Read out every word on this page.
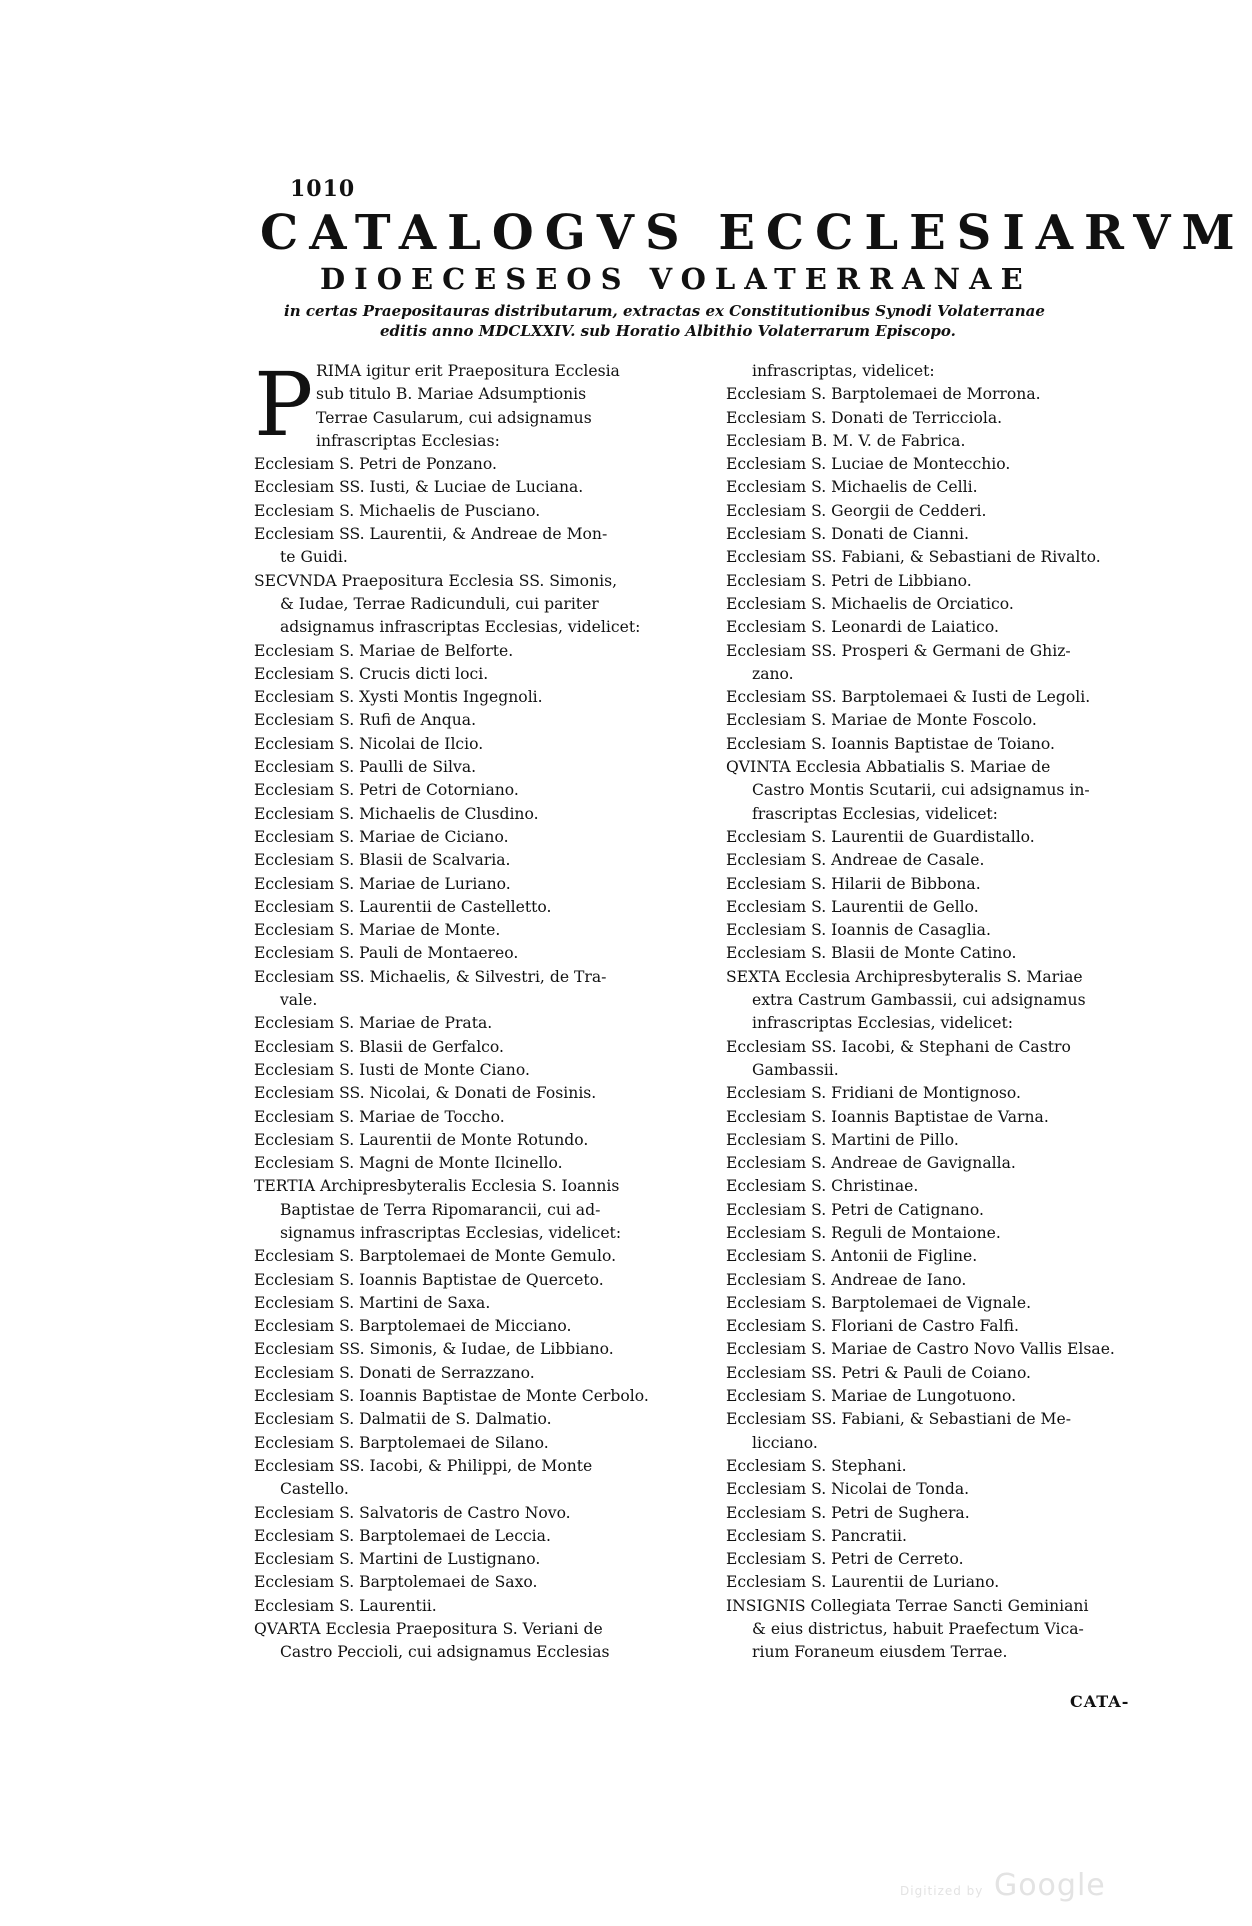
1010
CATALOGVS ECCLESIARVM
DIOECESEOS VOLATERRANAE
in certas Praepositauras distributarum, extractas ex Constitutionibus Synodi Volaterranae
editis anno MDCLXXIV. sub Horatio Albithio Volaterrarum Episcopo.
P RIMA igitur erit Praepositura Ecclesia
sub titulo B. Mariae Adsumptionis
Terrae Casularum, cui adsignamus
infrascriptas Ecclesias:
Ecclesiam S. Petri de Ponzano.
Ecclesiam SS. Iusti, & Luciae de Luciana.
Ecclesiam S. Michaelis de Pusciano.
Ecclesiam SS. Laurentii, & Andreae de Mon-
te Guidi.
SECVNDA Praepositura Ecclesia SS. Simonis,
& Iudae, Terrae Radicunduli, cui pariter
adsignamus infrascriptas Ecclesias, videlicet:
Ecclesiam S. Mariae de Belforte.
Ecclesiam S. Crucis dicti loci.
Ecclesiam S. Xysti Montis Ingegnoli.
Ecclesiam S. Rufi de Anqua.
Ecclesiam S. Nicolai de Ilcio.
Ecclesiam S. Paulli de Silva.
Ecclesiam S. Petri de Cotorniano.
Ecclesiam S. Michaelis de Clusdino.
Ecclesiam S. Mariae de Ciciano.
Ecclesiam S. Blasii de Scalvaria.
Ecclesiam S. Mariae de Luriano.
Ecclesiam S. Laurentii de Castelletto.
Ecclesiam S. Mariae de Monte.
Ecclesiam S. Pauli de Montaereo.
Ecclesiam SS. Michaelis, & Silvestri, de Tra-
vale.
Ecclesiam S. Mariae de Prata.
Ecclesiam S. Blasii de Gerfalco.
Ecclesiam S. Iusti de Monte Ciano.
Ecclesiam SS. Nicolai, & Donati de Fosinis.
Ecclesiam S. Mariae de Toccho.
Ecclesiam S. Laurentii de Monte Rotundo.
Ecclesiam S. Magni de Monte Ilcinello.
TERTIA Archipresbyteralis Ecclesia S. Ioannis
Baptistae de Terra Ripomarancii, cui ad-
signamus infrascriptas Ecclesias, videlicet:
Ecclesiam S. Barptolemaei de Monte Gemulo.
Ecclesiam S. Ioannis Baptistae de Querceto.
Ecclesiam S. Martini de Saxa.
Ecclesiam S. Barptolemaei de Micciano.
Ecclesiam SS. Simonis, & Iudae, de Libbiano.
Ecclesiam S. Donati de Serrazzano.
Ecclesiam S. Ioannis Baptistae de Monte Cerbolo.
Ecclesiam S. Dalmatii de S. Dalmatio.
Ecclesiam S. Barptolemaei de Silano.
Ecclesiam SS. Iacobi, & Philippi, de Monte
Castello.
Ecclesiam S. Salvatoris de Castro Novo.
Ecclesiam S. Barptolemaei de Leccia.
Ecclesiam S. Martini de Lustignano.
Ecclesiam S. Barptolemaei de Saxo.
Ecclesiam S. Laurentii.
QVARTA Ecclesia Praepositura S. Veriani de
Castro Peccioli, cui adsignamus Ecclesias
infrascriptas, videlicet:
Ecclesiam S. Barptolemaei de Morrona.
Ecclesiam S. Donati de Terricciola.
Ecclesiam B. M. V. de Fabrica.
Ecclesiam S. Luciae de Montecchio.
Ecclesiam S. Michaelis de Celli.
Ecclesiam S. Georgii de Cedderi.
Ecclesiam S. Donati de Cianni.
Ecclesiam SS. Fabiani, & Sebastiani de Rivalto.
Ecclesiam S. Petri de Libbiano.
Ecclesiam S. Michaelis de Orciatico.
Ecclesiam S. Leonardi de Laiatico.
Ecclesiam SS. Prosperi & Germani de Ghiz-
zano.
Ecclesiam SS. Barptolemaei & Iusti de Legoli.
Ecclesiam S. Mariae de Monte Foscolo.
Ecclesiam S. Ioannis Baptistae de Toiano.
QVINTA Ecclesia Abbatialis S. Mariae de
Castro Montis Scutarii, cui adsignamus in-
frascriptas Ecclesias, videlicet:
Ecclesiam S. Laurentii de Guardistallo.
Ecclesiam S. Andreae de Casale.
Ecclesiam S. Hilarii de Bibbona.
Ecclesiam S. Laurentii de Gello.
Ecclesiam S. Ioannis de Casaglia.
Ecclesiam S. Blasii de Monte Catino.
SEXTA Ecclesia Archipresbyteralis S. Mariae
extra Castrum Gambassii, cui adsignamus
infrascriptas Ecclesias, videlicet:
Ecclesiam SS. Iacobi, & Stephani de Castro
Gambassii.
Ecclesiam S. Fridiani de Montignoso.
Ecclesiam S. Ioannis Baptistae de Varna.
Ecclesiam S. Martini de Pillo.
Ecclesiam S. Andreae de Gavignalla.
Ecclesiam S. Christinae.
Ecclesiam S. Petri de Catignano.
Ecclesiam S. Reguli de Montaione.
Ecclesiam S. Antonii de Figline.
Ecclesiam S. Andreae de Iano.
Ecclesiam S. Barptolemaei de Vignale.
Ecclesiam S. Floriani de Castro Falfi.
Ecclesiam S. Mariae de Castro Novo Vallis Elsae.
Ecclesiam SS. Petri & Pauli de Coiano.
Ecclesiam S. Mariae de Lungotuono.
Ecclesiam SS. Fabiani, & Sebastiani de Me-
licciano.
Ecclesiam S. Stephani.
Ecclesiam S. Nicolai de Tonda.
Ecclesiam S. Petri de Sughera.
Ecclesiam S. Pancratii.
Ecclesiam S. Petri de Cerreto.
Ecclesiam S. Laurentii de Luriano.
INSIGNIS Collegiata Terrae Sancti Geminiani
& eius districtus, habuit Praefectum Vica-
rium Foraneum eiusdem Terrae.
CATA-
Digitized by Google
